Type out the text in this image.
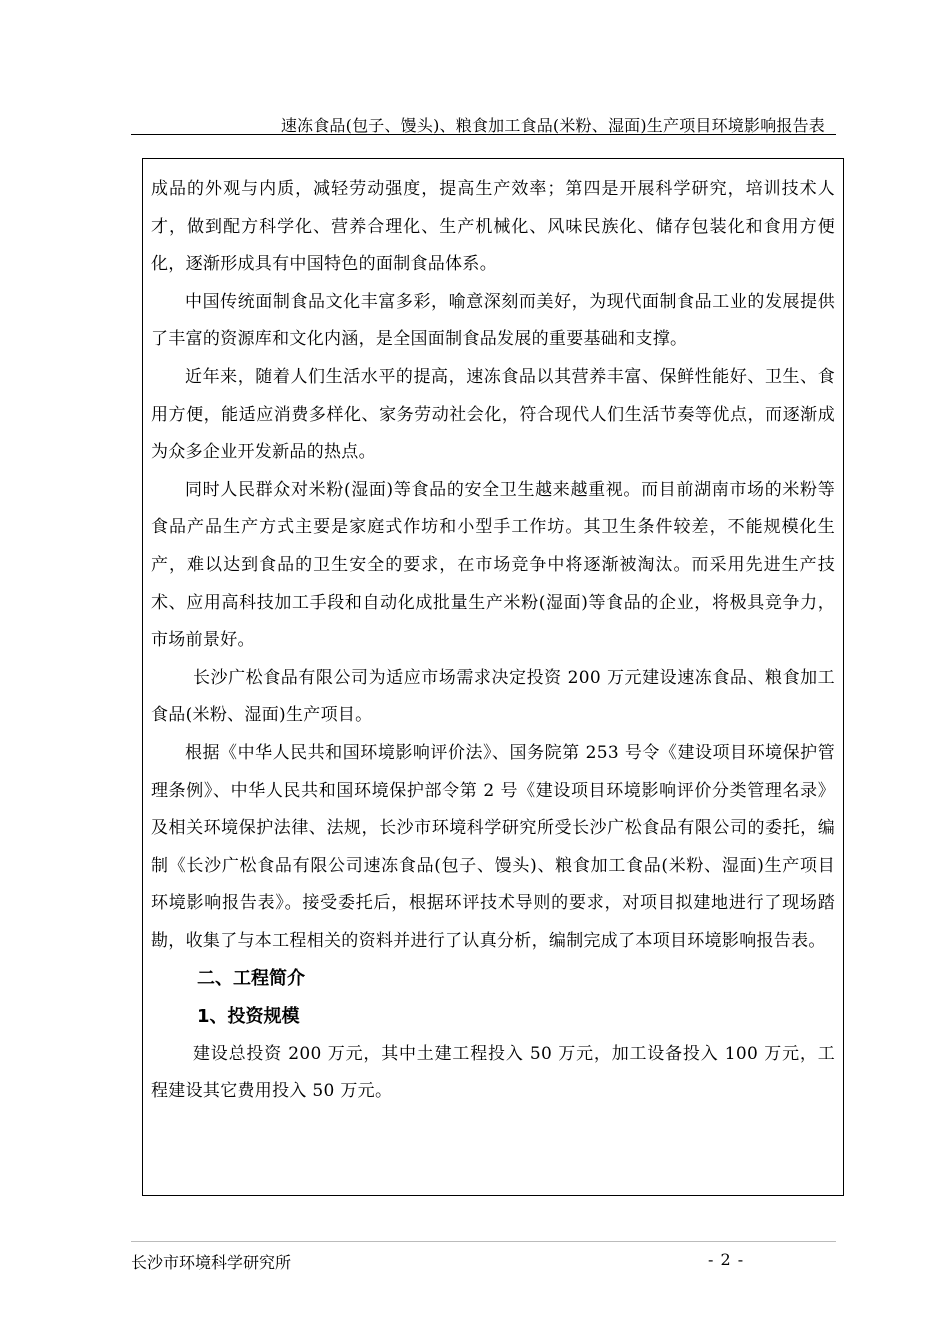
速冻食品(包子、馒头)、粮食加工食品(米粉、湿面)生产项目环境影响报告表

成品的外观与内质，减轻劳动强度，提高生产效率；第四是开展科学研究，培训技术人才，做到配方科学化、营养合理化、生产机械化、风味民族化、储存包装化和食用方便化，逐渐形成具有中国特色的面制食品体系。

中国传统面制食品文化丰富多彩，喻意深刻而美好，为现代面制食品工业的发展提供了丰富的资源库和文化内涵，是全国面制食品发展的重要基础和支撑。

近年来，随着人们生活水平的提高，速冻食品以其营养丰富、保鲜性能好、卫生、食用方便，能适应消费多样化、家务劳动社会化，符合现代人们生活节奏等优点，而逐渐成为众多企业开发新品的热点。

同时人民群众对米粉(湿面)等食品的安全卫生越来越重视。而目前湖南市场的米粉等食品产品生产方式主要是家庭式作坊和小型手工作坊。其卫生条件较差，不能规模化生产，难以达到食品的卫生安全的要求，在市场竞争中将逐渐被淘汰。而采用先进生产技术、应用高科技加工手段和自动化成批量生产米粉(湿面)等食品的企业，将极具竞争力，市场前景好。

长沙广松食品有限公司为适应市场需求决定投资 200 万元建设速冻食品、粮食加工食品(米粉、湿面)生产项目。

根据《中华人民共和国环境影响评价法》、国务院第 253 号令《建设项目环境保护管理条例》、中华人民共和国环境保护部令第 2 号《建设项目环境影响评价分类管理名录》及相关环境保护法律、法规，长沙市环境科学研究所受长沙广松食品有限公司的委托，编制《长沙广松食品有限公司速冻食品(包子、馒头)、粮食加工食品(米粉、湿面)生产项目环境影响报告表》。接受委托后，根据环评技术导则的要求，对项目拟建地进行了现场踏勘，收集了与本工程相关的资料并进行了认真分析，编制完成了本项目环境影响报告表。

二、工程简介
1、投资规模

建设总投资 200 万元，其中土建工程投入 50 万元，加工设备投入 100 万元，工程建设其它费用投入 50 万元。

长沙市环境科学研究所	- 2 -
